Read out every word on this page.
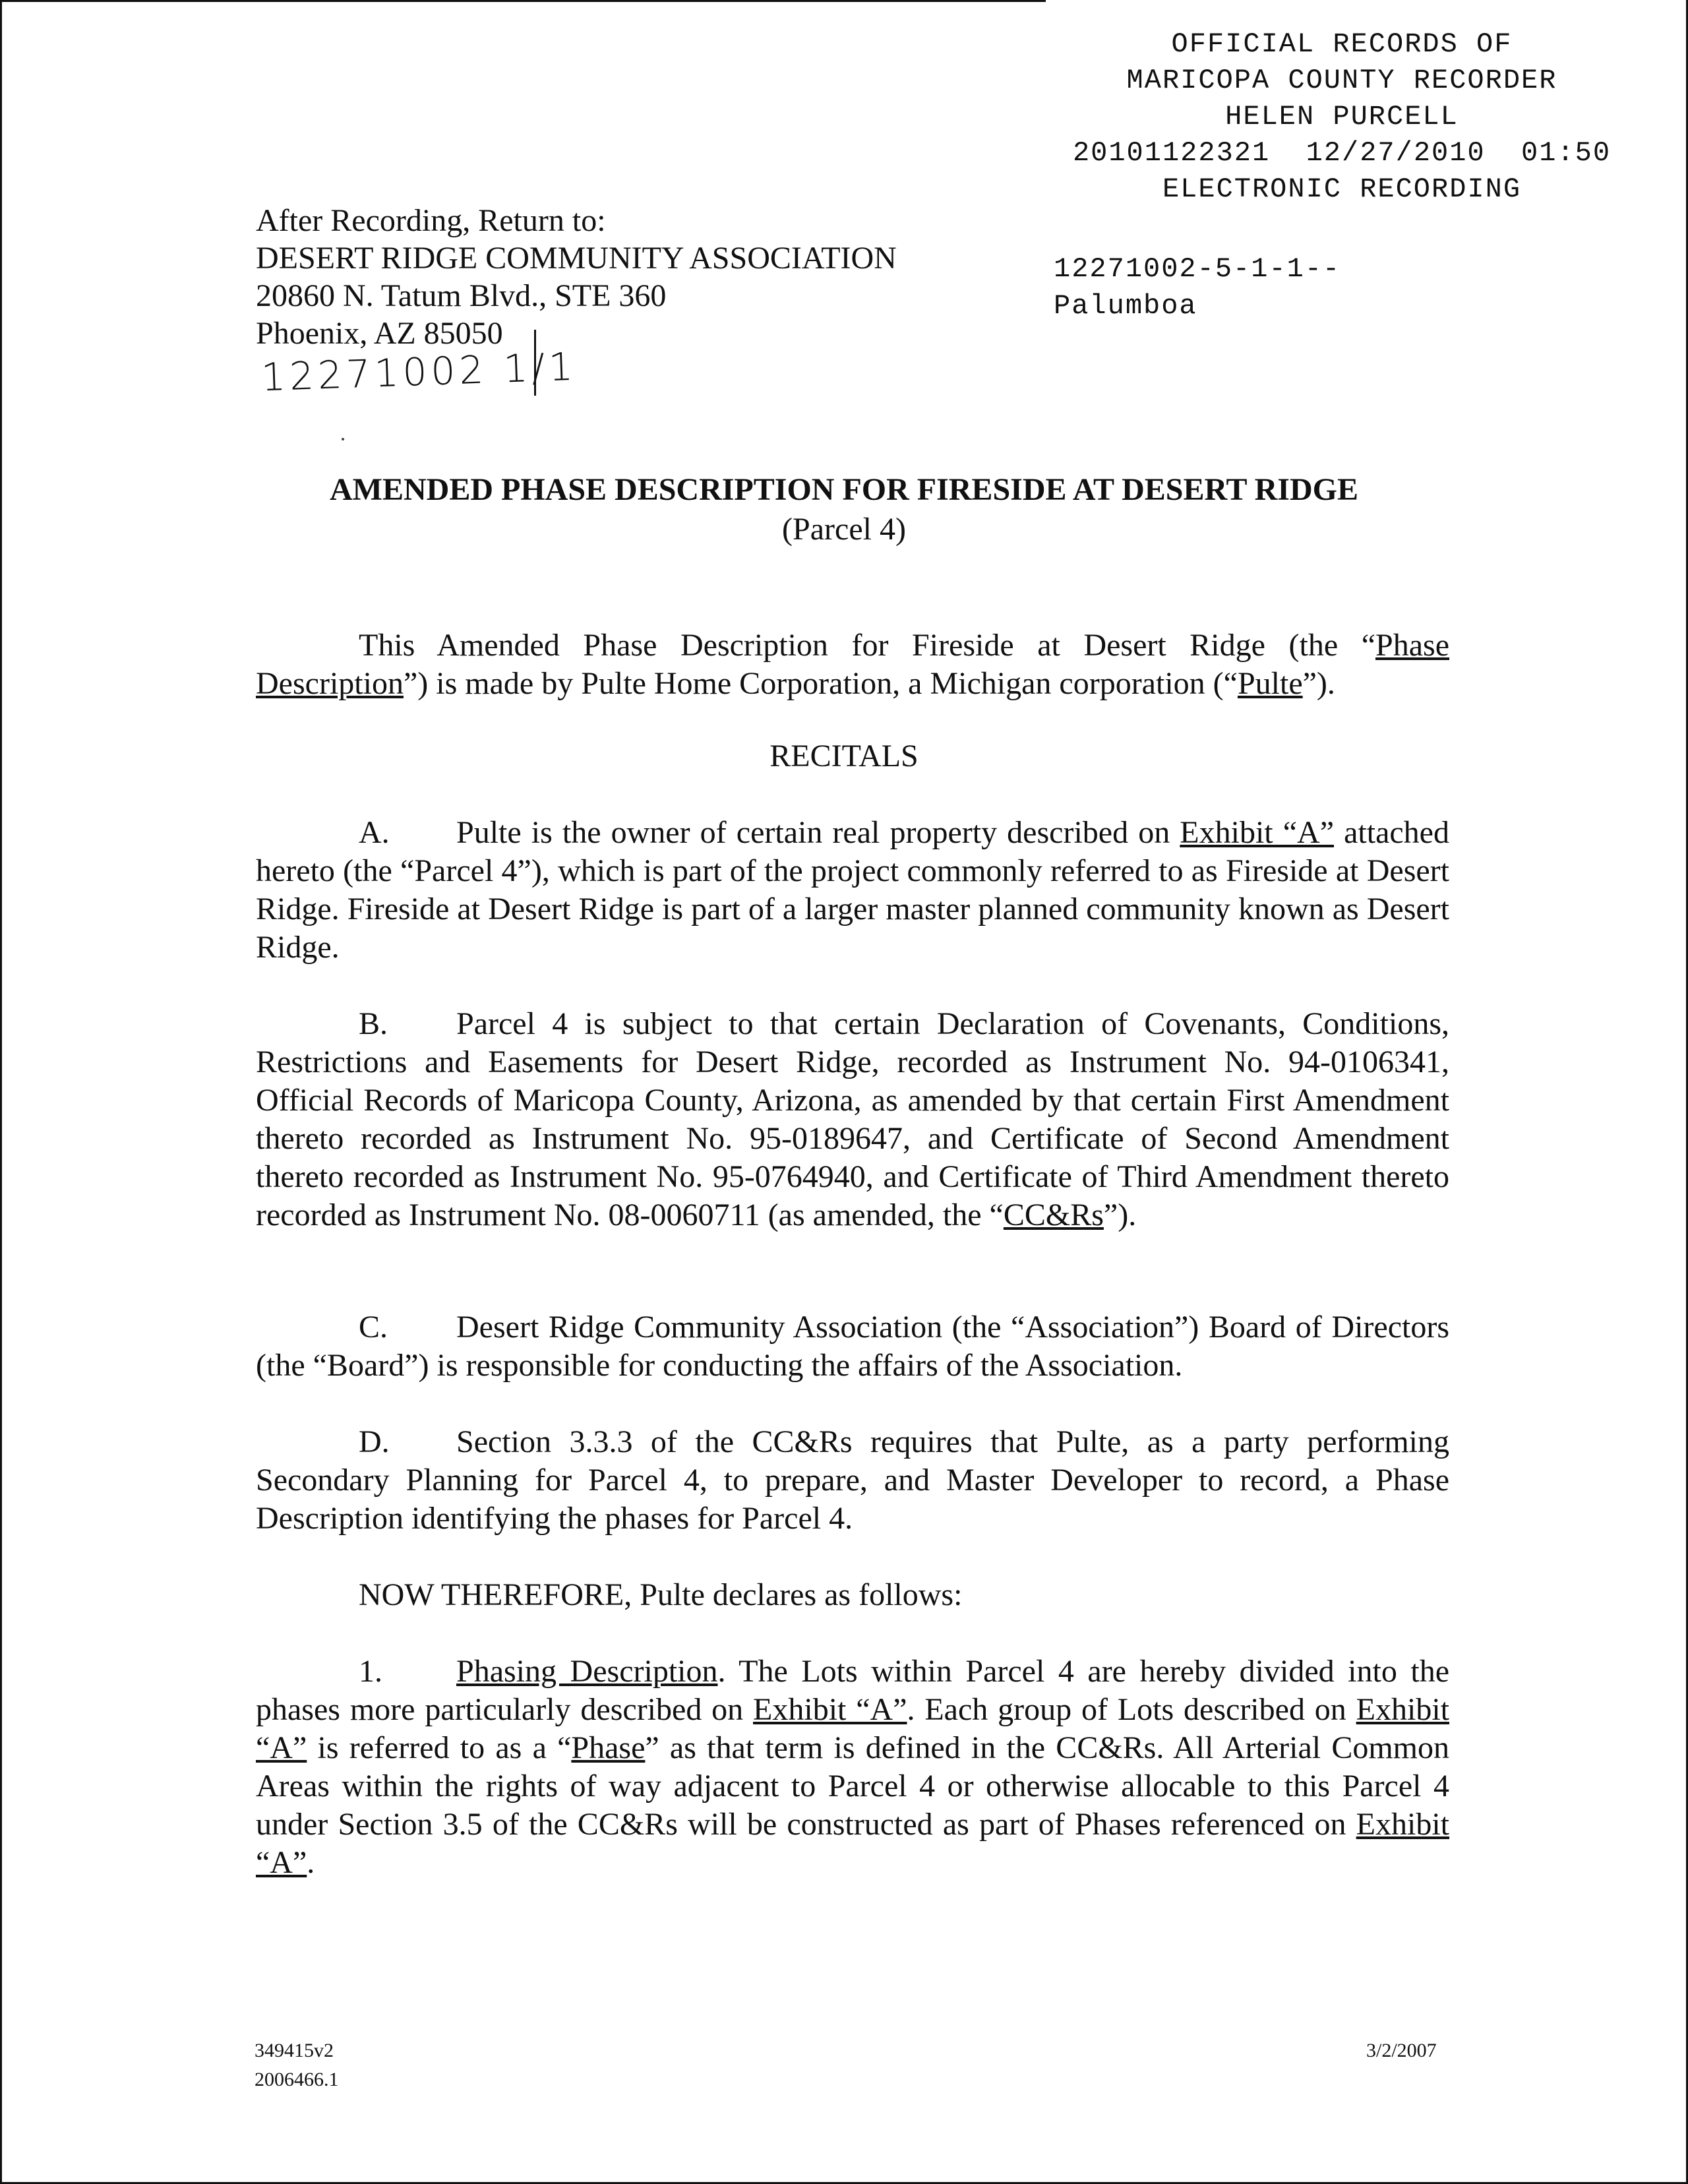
OFFICIAL RECORDS OF
MARICOPA COUNTY RECORDER
HELEN PURCELL
20101122321  12/27/2010  01:50
ELECTRONIC RECORDING
12271002-5-1-1--
Palumboa
After Recording, Return to:
DESERT RIDGE COMMUNITY ASSOCIATION
20860 N. Tatum Blvd., STE 360
Phoenix, AZ 85050
12271002 1/1
AMENDED PHASE DESCRIPTION FOR FIRESIDE AT DESERT RIDGE
(Parcel 4)
This Amended Phase Description for Fireside at Desert Ridge (the “Phase Description”) is made by Pulte Home Corporation, a Michigan corporation (“Pulte”).
RECITALS
A. Pulte is the owner of certain real property described on Exhibit “A” attached hereto (the “Parcel 4”), which is part of the project commonly referred to as Fireside at Desert Ridge. Fireside at Desert Ridge is part of a larger master planned community known as Desert Ridge.
B. Parcel 4 is subject to that certain Declaration of Covenants, Conditions, Restrictions and Easements for Desert Ridge, recorded as Instrument No. 94-0106341, Official Records of Maricopa County, Arizona, as amended by that certain First Amendment thereto recorded as Instrument No. 95-0189647, and Certificate of Second Amendment thereto recorded as Instrument No. 95-0764940, and Certificate of Third Amendment thereto recorded as Instrument No. 08-0060711 (as amended, the “CC&Rs”).
C. Desert Ridge Community Association (the “Association”) Board of Directors (the “Board”) is responsible for conducting the affairs of the Association.
D. Section 3.3.3 of the CC&Rs requires that Pulte, as a party performing Secondary Planning for Parcel 4, to prepare, and Master Developer to record, a Phase Description identifying the phases for Parcel 4.
NOW THEREFORE, Pulte declares as follows:
1. Phasing Description. The Lots within Parcel 4 are hereby divided into the phases more particularly described on Exhibit “A”. Each group of Lots described on Exhibit “A” is referred to as a “Phase” as that term is defined in the CC&Rs. All Arterial Common Areas within the rights of way adjacent to Parcel 4 or otherwise allocable to this Parcel 4 under Section 3.5 of the CC&Rs will be constructed as part of Phases referenced on Exhibit “A”.
349415v2
2006466.1
3/2/2007
